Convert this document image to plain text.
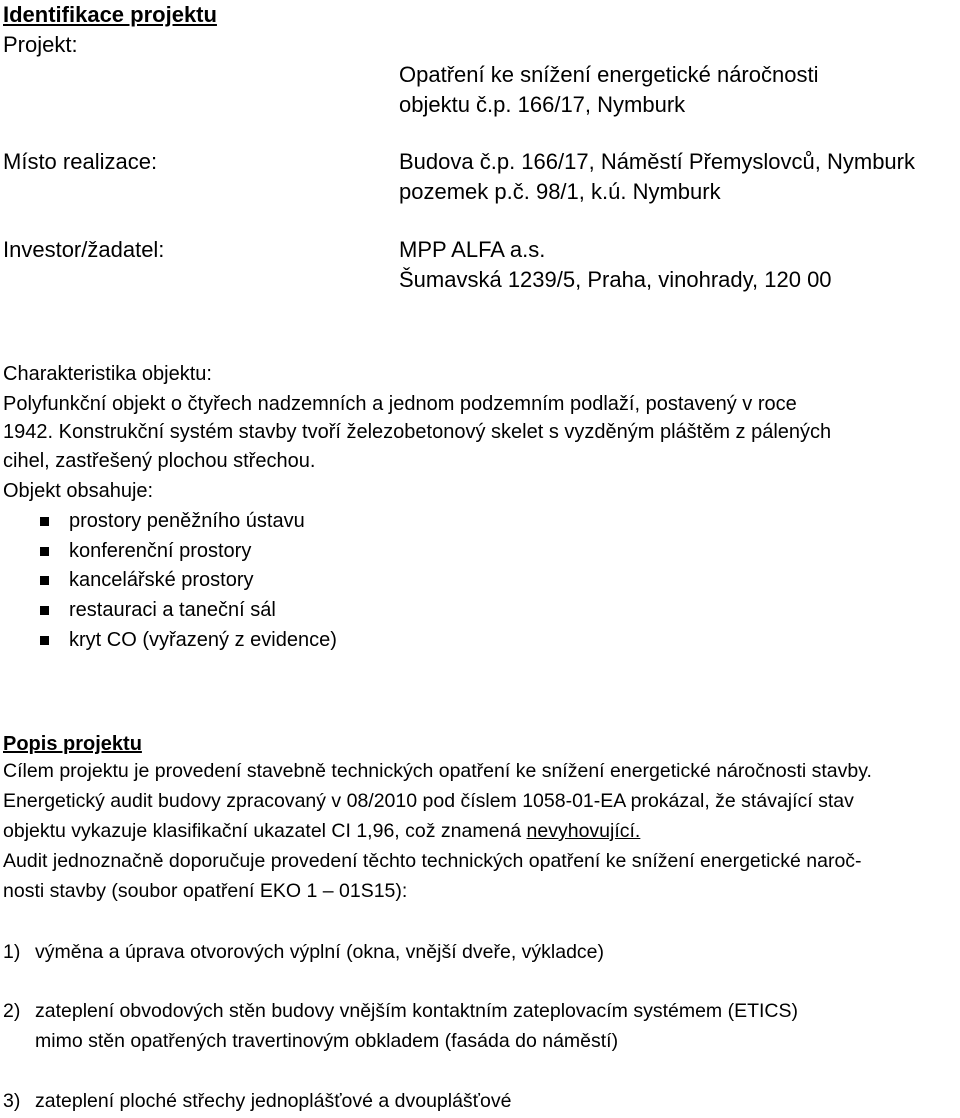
Identifikace projektu
Projekt:
Opatření ke snížení energetické náročnosti
objektu č.p. 166/17, Nymburk
Místo realizace:	Budova č.p. 166/17, Náměstí Přemyslovců, Nymburk
pozemek p.č. 98/1, k.ú. Nymburk
Investor/žadatel:	MPP ALFA a.s.
Šumavská 1239/5, Praha, vinohrady, 120 00
Charakteristika objektu:
Polyfunkční objekt o čtyřech nadzemních a jednom podzemním podlaží, postavený v roce
1942. Konstrukční systém stavby tvoří železobetonový skelet s vyzděným pláštěm z pálených
cihel, zastřešený plochou střechou.
Objekt obsahuje:
prostory peněžního ústavu
konferenční prostory
kancelářské prostory
restauraci a taneční sál
kryt CO (vyřazený z evidence)
Popis projektu
Cílem projektu je provedení stavebně technických opatření ke snížení energetické náročnosti stavby.
Energetický audit budovy zpracovaný v 08/2010 pod číslem 1058-01-EA prokázal, že stávající stav
objektu vykazuje klasifikační ukazatel CI 1,96, což znamená nevyhovující.
Audit jednoznačně doporučuje provedení těchto technických opatření ke snížení energetické naroč-
nosti stavby (soubor opatření EKO 1 – 01S15):
1) výměna a úprava otvorových výplní (okna, vnější dveře, výkladce)
2) zateplení obvodových stěn budovy vnějším kontaktním zateplovacím systémem (ETICS)
mimo stěn opatřených travertinovým obkladem (fasáda do náměstí)
3) zateplení ploché střechy jednoplášťové a dvouplášťové
